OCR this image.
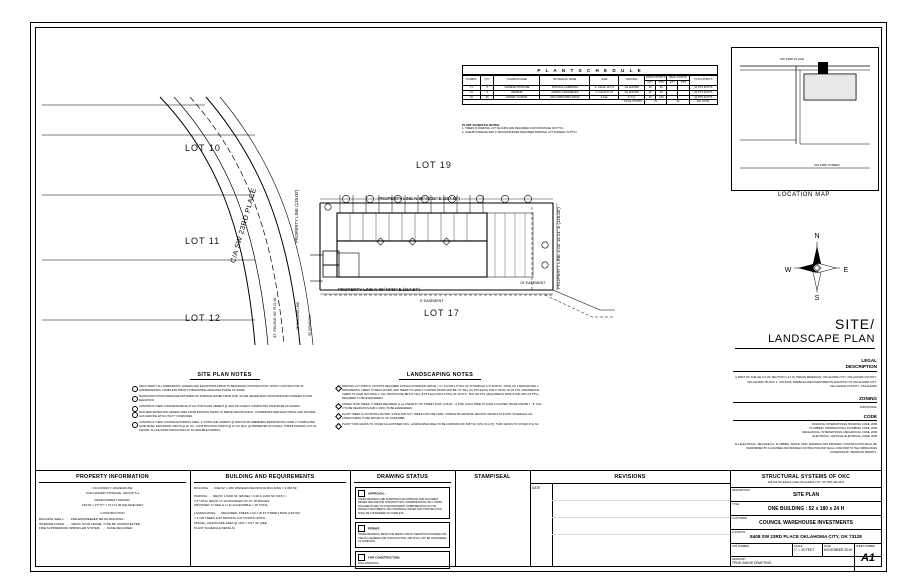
SW 23RD STREET
SW 23RD PLACE
LOCATION MAP
P L A N T S C H E D U L E
SYMBOL	QTY	COMMON NAME	BOTANICAL NAME	SIZE	SPACING	FRONT POINTS		BACK POINTS		TOTAL POINTS
						QTY	PTS	QTY	PTS	
T1	3	CHINESE PISTACHE	PISTACIA CHINENSIS	2" CAL/8'-10' HT	AS SHOWN	30	90			(3) PTS 30 PTS
T2	3	REDBUD	CERCIS CANADENSIS	2" CAL/6'-8' HT	AS SHOWN	30	90			(3) PTS 30 PTS
S1	14	DWARF YAUPON	ILEX VOMITORIA 'NANA'	3 GAL	4' O.C.	10	140			(3) PTS 30 PTS
TOTAL POINTS						70		30		100 TOTAL
PLANT SCHEDULE NOTES:
1. TREES IN PARKING LOT ISLANDS ARE REQUIRED FOR FRONTAGE (30 PTS.)
2. SHRUB SURFACE AND 2' DESIGN BUFFER REQUIRED PARKING LOT SCREEN (70 PTS.)
LOT 10
LOT 11
LOT 12
LOT 19
LOT 17
C/A SW 23RD PLACE
32' PAVING 60' R.O.W.	25' BUILDING LINE	30' DRIVEWAY
PROPERTY LINE N 89°43'36" E (317.57')
PROPERTY LINE N 89°43'36" E (317.57')
PROPERTY LINE S 00°16'24" E (125.00')
PROPERTY LINE (125.00')
5' EASEMENT
15' EASEMENT
N
S
W	E
SITE/
LANDSCAPE PLAN
LEGAL
DESCRIPTION
A PART OF THE SE 1/4 OF SECTION 1-17-W, INDIAN MERIDIAN, OKLAHOMA CITY, OKLAHOMA COUNTY, OKLAHOMA. BLOCK 1, COUNCIL WAREHOUSE INVESTMENTS ADDITION TO OKLAHOMA CITY, OKLAHOMA COUNTY, OKLAHOMA
ZONING
INDUSTRIAL
CODE
BUILDING: INTERNATIONAL BUILDING CODE, 2009
PLUMBING: INTERNATIONAL PLUMBING CODE, 2009
MECHANICAL: INTERNATIONAL MECHANICAL CODE, 2009
ELECTRICAL: NATIONAL ELECTRICAL CODE, 2008
ALL ELECTRICAL, MECHANICAL, PLUMBING, FENCE, SIGN, SIDEWALK AND DRIVEWAY CONSTRUCTION SHALL BE PERFORMED BY A LICENSED AND BONDED CONTRACTOR AND SHALL CONFORM TO THE ORDINANCES GOVERNING BY SEPARATE PERMITS.
SITE PLAN NOTES
FIELD VERIFY ALL DIMENSIONS, GRADES AND ELEVATIONS PRIOR TO BEGINNING CONSTRUCTION. NOTIFY CONTRACTOR OF DISCREPANCIES. COMPLETE PRIOR TO BEGINNING AFFECTED PHASE OF WORK.
MAINTAIN EXISTING DRAINAGE PATTERNS OF SURFACE WATER FROM SITE. SLOPE GRADE AWAY FROM BUILDING FINISHED FLOOR ELEVATION.
CONSTRUCT NEW CONCRETE DRIVE AT ALL PORTLAND CEMENT @ 3000 PSI OVER 6' COMPACTED SAND BASE AS SHOWN.
RUN NEW WATER AND SEWER LINES FROM EXISTING MAINS TO SERVE NEW BUILDING. COORDINATE NEW ELECTRICAL AND NATURAL GAS SERVICE WITH UTILITY COMPANIES.
CONSTRUCT NEW CONCRETE PARKING AREA, 4" PORTLAND CEMENT @ 3000 PSI W/ FIBERMESH REINFORCING OVER 4" COMPACTED SAND BASE. EXPANSION JOINTS @ 20' OC, CONSTRUCTION JOINTS @ 10' OC MAX. @ PERIMETER OF PAVING, STRIPE PARKING LOT AS SHOWN. PLACE SIGNS INDICATING H/C ACCESSIBLE PARKING.
LANDSCAPING NOTES
PARKING LOT POINTS: 8 POINTS REQUIRED FOR EACH PARKING SPACE = 3 x 14 FOR A TOTAL OF 54 PARKING LOT POINTS. TOTAL OF 2 MEDIUM AND 2 ORNAMENTAL TREES TO BE PLANTED. ADD TREES TO HAVE 2' CALIPER TRUNK AND BE 7-8' TALL (10 PTS EACH) FOR A TOTAL OF 20 PTS. ORNAMENTAL TREES TO HAVE MULTIPLE 1" CAL TRUNKS AND BE 5-6' TALL (8 PTS EA) FOR A TOTAL OF 36 PTS - 50% OR PTS. REQUIRED IN FRONT AND 25% (15 PTS.) REQUIRED TO BE EVERGREEN.
STREET ROW TREES: 3 TREES REQUIRED (1 ea LINEAR FT OF STREET ROW: (125.00' ÷ 2 STR). EACH TREE TO HAVE A CALIPER TRUNK AND BE 7 - 8' TALL - 3 TO BE DECIDUOUS AND 1 (20%) TO BE EVERGREEN.
PLANT TREES & LOCATIONS SHOWN. STAKE AND GUY TREES FOR ONE YEAR. COMPLETE GROWING SEASON. DETAILS AT PLANT SCHEDULE. ALL LANDSCAPING TO BE WITHIN 10' OF HOSE BIBB.
PLANT TURF GRASS TO COVER ALL EXPOSED SOIL. LANDSCAPED AREA TO BE A MINIMUM OF 3987 SF (13% OF LOT), TURF GRASS TO COVER 4711 SF.
PROPERTY INFORMATION
OCCUPANCY: WAREHOUSE
LOW HAZARD STORAGE, GROUP S-2
DEVELOPMENT PARCEL:
125.00' x 377.57' = 47,171.25 SQUARE FEET
CONSTRUCTION
BUILDING SHELL . . . . PRE-ENGINEERED METAL BUILDING
INTERIOR FINISH . . . . METAL STUD FRAME, TYPE 5B, UNPROTECTED
FIRE SUPPRESSION SPRINKLER SYSTEM . . . . NONE REQUIRED
BUILDING AND REQUIREMENTS
BUILDING . . . ONE 52' x 180' WAREHOUSE/OFFICE BUILDING = 9,360 SF
PARKING . . . REQ'D: 1/1000 SF (WHSE) = 9.36 & 1/200 SF (OFF) =
7.8 TOTAL REQ'D 17.16 ROUNDED UP TO 18 SPACES
PROVIDED 17 REG & 1 HC ACCESSIBLE = 18 TOTAL
LANDSCAPING . . . REQUIRED: TREES 1 HC LIN FT STREET ROW (125'/40')
= 3.125 TREES & 54 PARKING LOT POINTS (3/PKG
SPACE), LANDSCAPE AREA @ 10% = 4717 SF (SEE
PLANT SCHEDULE DETAILS)
DRAWING STATUS
APPROVAL:
THESE DRAWINGS ARE SUBMITTED FOR APPROVAL AND DOCUMENT REVIEW AND ARE FOR CONSTRUCTION, INTERPRETATION ONLY. THESE DOCUMENTS ARE TO CONFORM PERMIT INTERPRETATION OF THE PROJECT DOCUMENTS. ONLY DRAWINGS ISSUED FOR CONSTRUCTION SHALL BE CONSIDERED AS COMPLETE.
PERMIT:
THESE DRAWINGS, BEING FOR PERMIT, ARE BY DEFINITION INTENDED FOR USE AS A GENERAL AND CONSTRUCTION, AND SHALL NOT BE CONSIDERED AS COMPLETE.
FOR CONSTRUCTION:
FINAL DRAWINGS
STAMP/SEAL	REVISIONS
DATE
STRUCTURAL SYSTEMS OF OKC
309 SOUTH EAGLE LANE OKLAHOMA CITY, OK (405) 495-3613
DESCRIPTION
SITE PLAN
TITLE
ONE BUILDING : 52 x 180 x 24 H
CUSTOMER
COUNCIL WAREHOUSE INVESTMENTS
LOCATION
8408 SW 23RD PLACE OKLAHOMA CITY, OK 73128
JOB NUMBER	SCALE
1" = 40 FEET
DATE
NOVEMBER 2015
SHEET NUMBER
DRAWN BY
TRUE IMAGE DRAFTING	A1
